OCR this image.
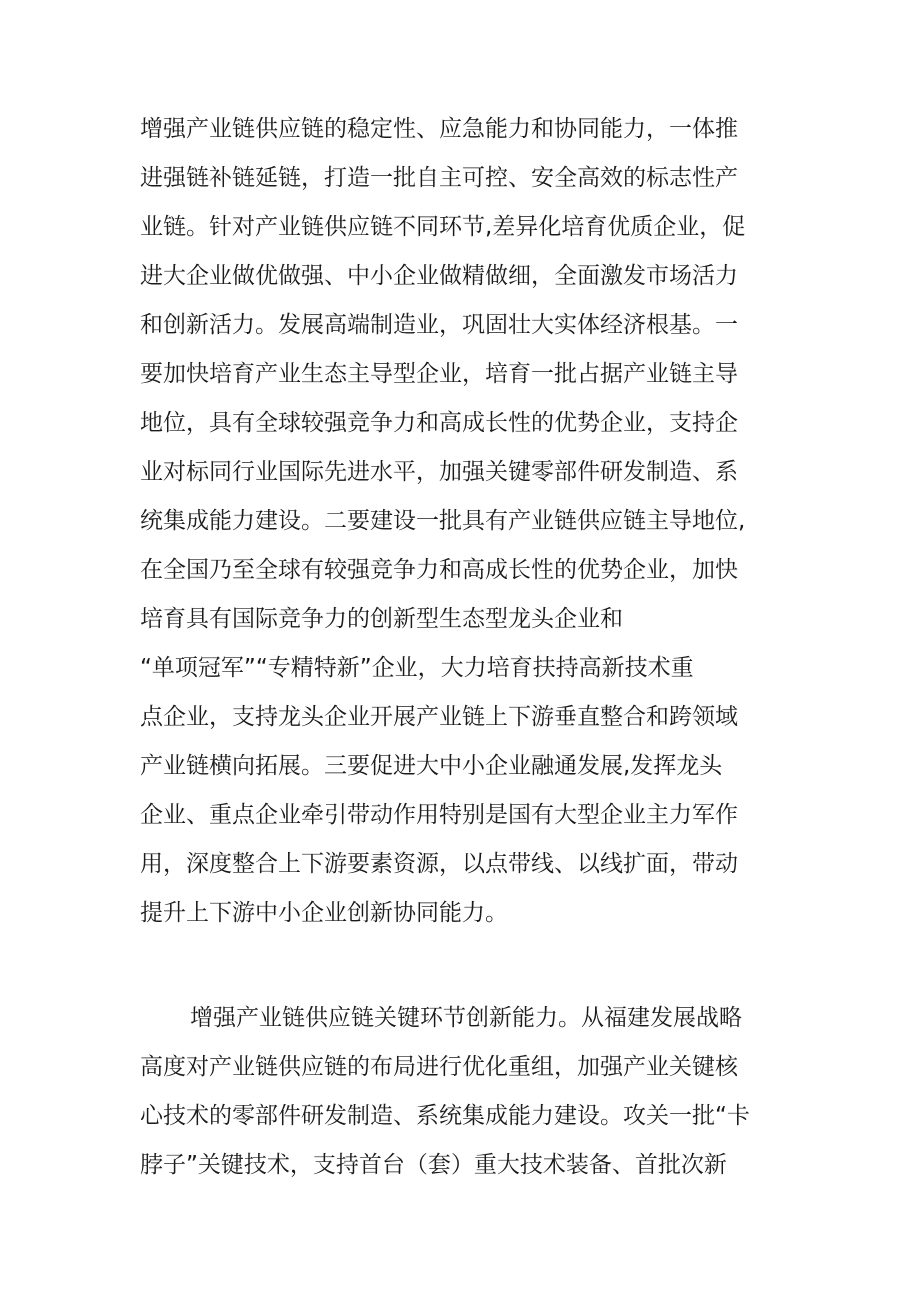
增强产业链供应链的稳定性、应急能力和协同能力，一体推
进强链补链延链，打造一批自主可控、安全高效的标志性产
业链。针对产业链供应链不同环节,差异化培育优质企业，促
进大企业做优做强、中小企业做精做细，全面激发市场活力
和创新活力。发展高端制造业，巩固壮大实体经济根基。一
要加快培育产业生态主导型企业，培育一批占据产业链主导
地位，具有全球较强竞争力和高成长性的优势企业，支持企
业对标同行业国际先进水平，加强关键零部件研发制造、系
统集成能力建设。二要建设一批具有产业链供应链主导地位,
在全国乃至全球有较强竞争力和高成长性的优势企业，加快
培育具有国际竞争力的创新型生态型龙头企业和
“单项冠军”“专精特新”企业，大力培育扶持高新技术重
点企业，支持龙头企业开展产业链上下游垂直整合和跨领域
产业链横向拓展。三要促进大中小企业融通发展,发挥龙头
企业、重点企业牵引带动作用特别是国有大型企业主力军作
用，深度整合上下游要素资源，以点带线、以线扩面，带动
提升上下游中小企业创新协同能力。
增强产业链供应链关键环节创新能力。从福建发展战略
高度对产业链供应链的布局进行优化重组，加强产业关键核
心技术的零部件研发制造、系统集成能力建设。攻关一批“卡
脖子”关键技术，支持首台（套）重大技术装备、首批次新
